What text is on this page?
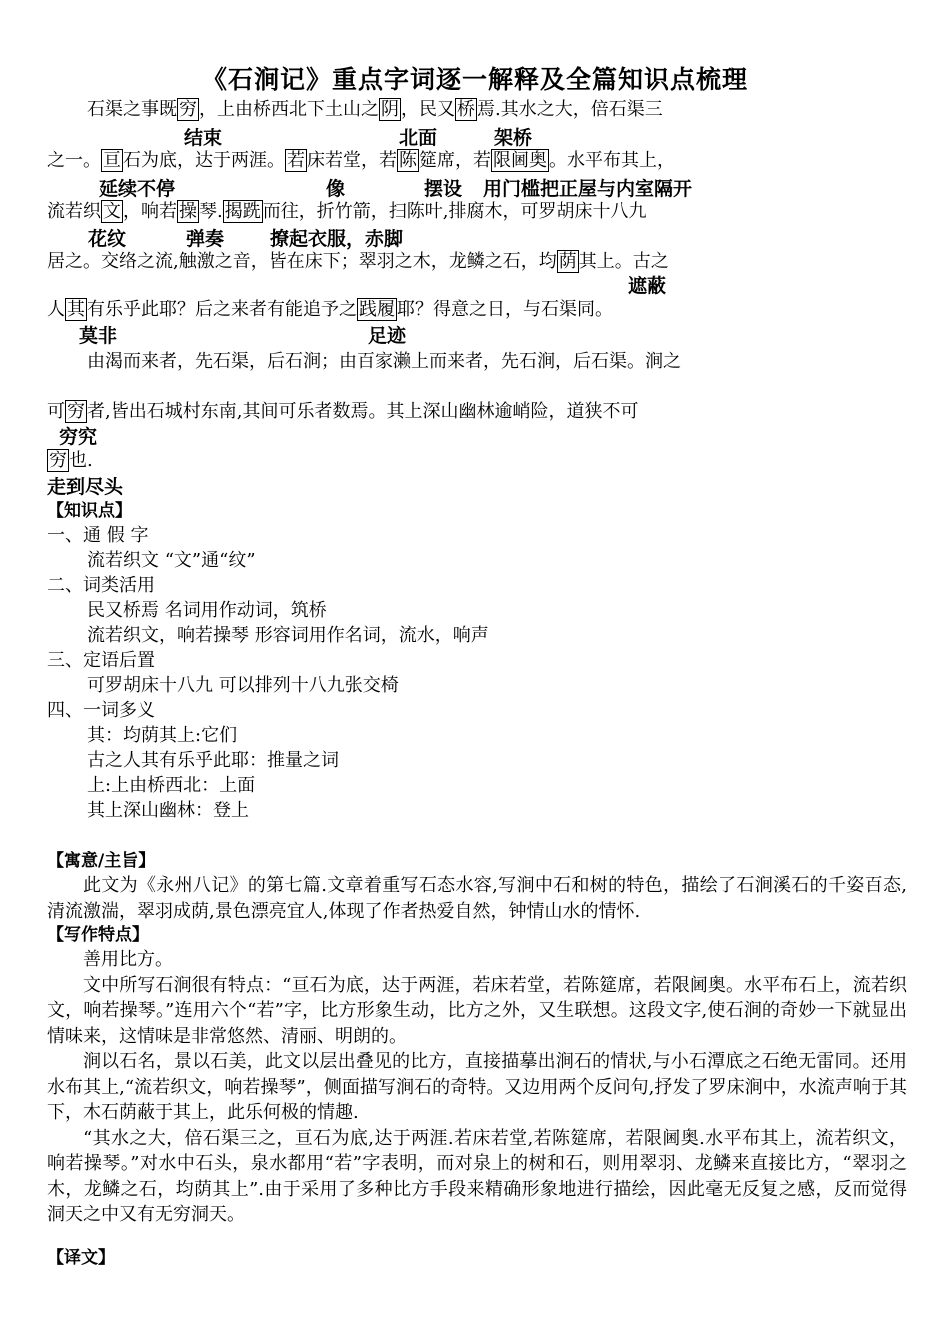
《石涧记》重点字词逐一解释及全篇知识点梳理
石渠之事既 穷 ，上由桥西北下土山之 阴 ，民又 桥 焉.其水之大，倍石渠三
结束	北面	架桥
之一。 亘 石为底，达于两涯。 若 床若堂，若 陈 筵席，若 限阃奥 。水平布其上，
延续不停	像	摆设 用门槛把正屋与内室隔开
流若织 文 ，响若 操 琴. 揭跣 而往，折竹箭，扫陈叶,排腐木，可罗胡床十八九
花纹	弹奏 撩起衣服，赤脚
居之。交络之流,触激之音，皆在床下；翠羽之木，龙鳞之石，均 荫 其上。古之
遮蔽
人 其 有乐乎此耶？后之来者有能追予之 践履 耶？得意之日，与石渠同。
莫非	足迹
由渴而来者，先石渠，后石涧；由百家濑上而来者，先石涧，后石渠。涧之
可 穷 者,皆出石城村东南,其间可乐者数焉。其上深山幽林逾峭险，道狭不可
穷究
穷 也.
走到尽头
【知识点】
一、通 假 字
流若织文 “文”通“纹”
二、词类活用
民又桥焉 名词用作动词，筑桥
流若织文，响若操琴 形容词用作名词，流水，响声
三、定语后置
可罗胡床十八九 可以排列十八九张交椅
四、一词多义
其：均荫其上:它们
古之人其有乐乎此耶：推量之词
上:上由桥西北：上面
其上深山幽林：登上
【寓意/主旨】

此文为《永州八记》的第七篇.文章着重写石态水容,写涧中石和树的特色，描绘了石涧溪石的千姿百态,清流激湍，翠羽成荫,景色漂亮宜人,体现了作者热爱自然，钟情山水的情怀.

【写作特点】

善用比方。

文中所写石涧很有特点：“亘石为底，达于两涯，若床若堂，若陈筵席，若限阃奥。水平布石上，流若织文，响若操琴。”连用六个“若”字，比方形象生动，比方之外，又生联想。这段文字,使石涧的奇妙一下就显出情味来，这情味是非常悠然、清丽、明朗的。

涧以石名，景以石美，此文以层出叠见的比方，直接描摹出涧石的情状,与小石潭底之石绝无雷同。还用水布其上,“流若织文，响若操琴”，侧面描写涧石的奇特。又边用两个反问句,抒发了罗床涧中，水流声响于其下，木石荫蔽于其上，此乐何极的情趣.

“其水之大，倍石渠三之，亘石为底,达于两涯.若床若堂,若陈筵席，若限阃奥.水平布其上，流若织文，响若操琴。”对水中石头，泉水都用“若”字表明，而对泉上的树和石，则用翠羽、龙鳞来直接比方，“翠羽之木，龙鳞之石，均荫其上”.由于采用了多种比方手段来精确形象地进行描绘，因此毫无反复之感，反而觉得洞天之中又有无穷洞天。

【译文】
